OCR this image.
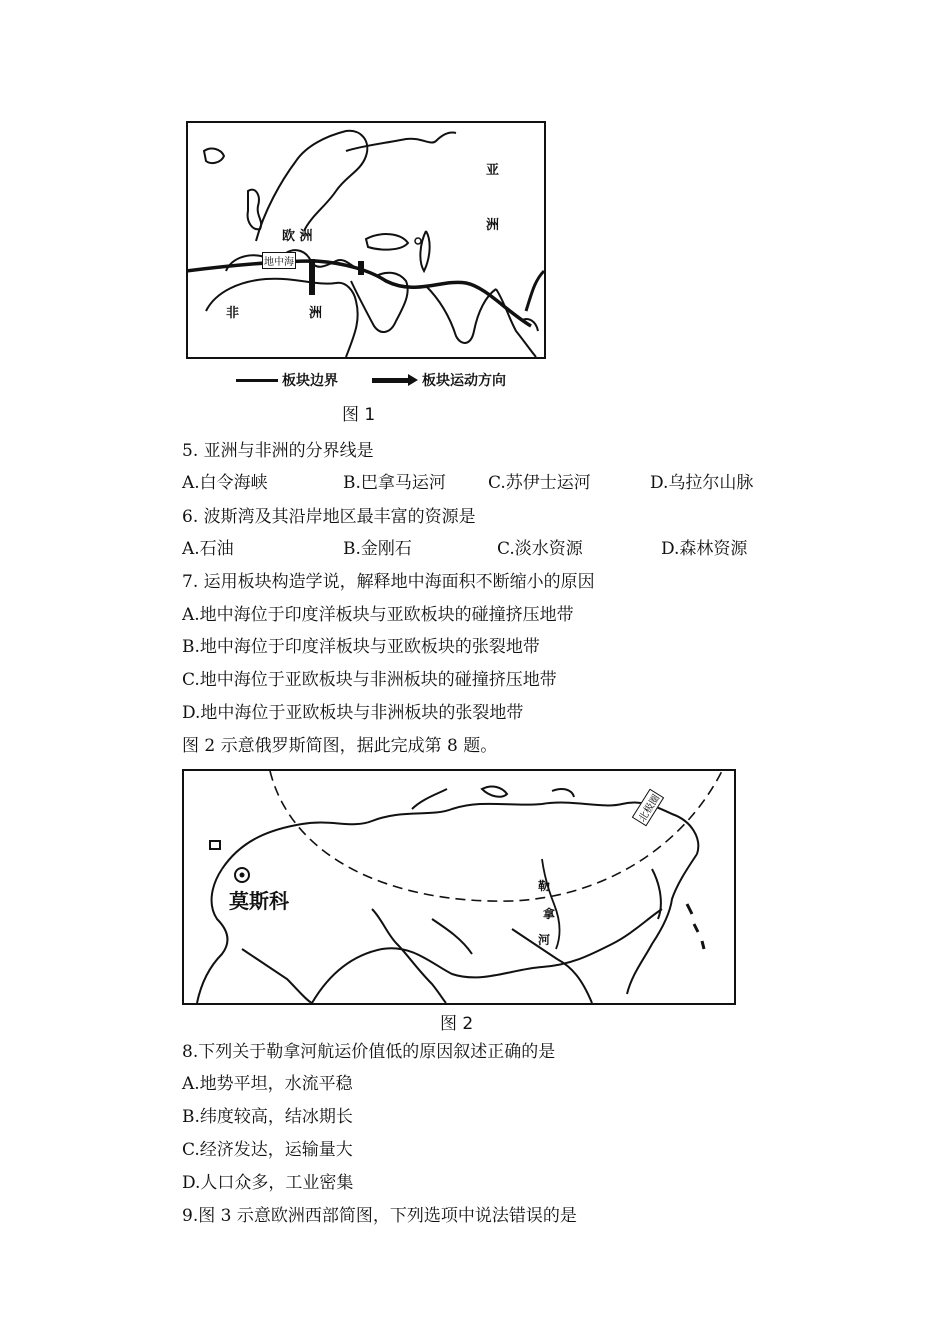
亚
洲
欧 洲
地中海
非	洲
板块边界	板块运动方向
图 1
5. 亚洲与非洲的分界线是
A.白令海峡	B.巴拿马运河 C.苏伊士运河	D.乌拉尔山脉
6. 波斯湾及其沿岸地区最丰富的资源是
A.石油	B.金刚石	C.淡水资源	D.森林资源
7. 运用板块构造学说，解释地中海面积不断缩小的原因
A.地中海位于印度洋板块与亚欧板块的碰撞挤压地带
B.地中海位于印度洋板块与亚欧板块的张裂地带
C.地中海位于亚欧板块与非洲板块的碰撞挤压地带
D.地中海位于亚欧板块与非洲板块的张裂地带
图 2 示意俄罗斯简图，据此完成第 8 题。
莫斯科
勒
拿
河
北极圈
图 2
8.下列关于勒拿河航运价值低的原因叙述正确的是
A.地势平坦，水流平稳
B.纬度较高，结冰期长
C.经济发达，运输量大
D.人口众多，工业密集
9.图 3 示意欧洲西部简图，下列选项中说法错误的是
